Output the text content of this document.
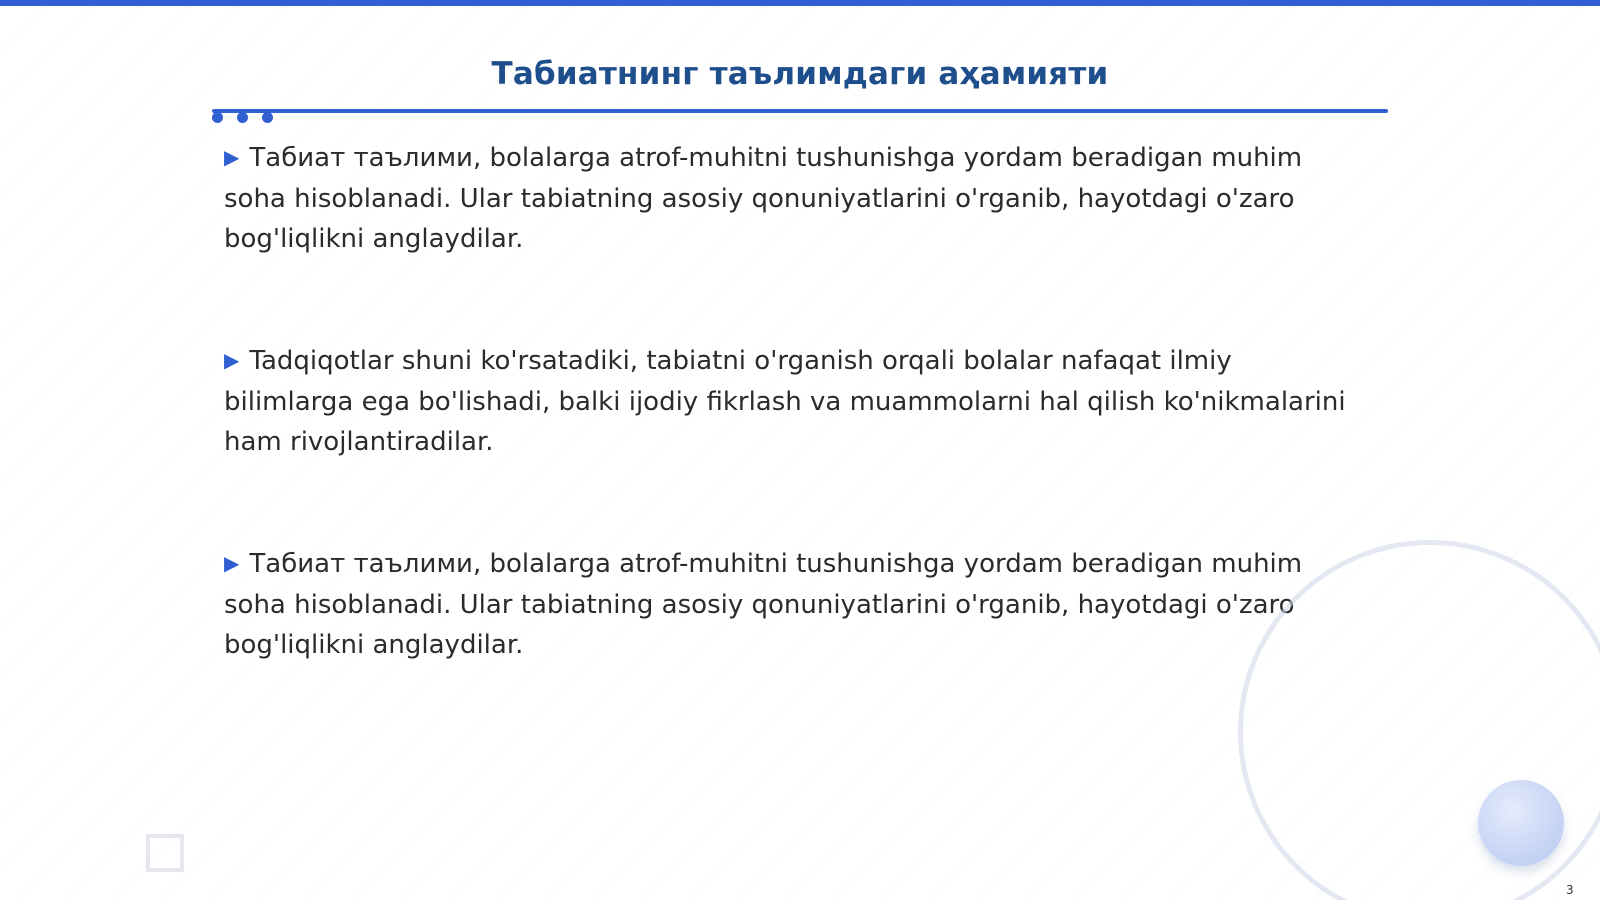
Табиатнинг таълимдаги аҳамияти

▶ Табиат таълими, bolalarga atrof-muhitni tushunishga yordam beradigan muhim soha hisoblanadi. Ular tabiatning asosiy qonuniyatlarini o'rganib, hayotdagi o'zaro bog'liqlikni anglaydilar.

▶ Tadqiqotlar shuni ko'rsatadiki, tabiatni o'rganish orqali bolalar nafaqat ilmiy bilimlarga ega bo'lishadi, balki ijodiy fikrlash va muammolarni hal qilish ko'nikmalarini ham rivojlantiradilar.

▶ Табиат таълими, bolalarga atrof-muhitni tushunishga yordam beradigan muhim soha hisoblanadi. Ular tabiatning asosiy qonuniyatlarini o'rganib, hayotdagi o'zaro bog'liqlikni anglaydilar.

3
